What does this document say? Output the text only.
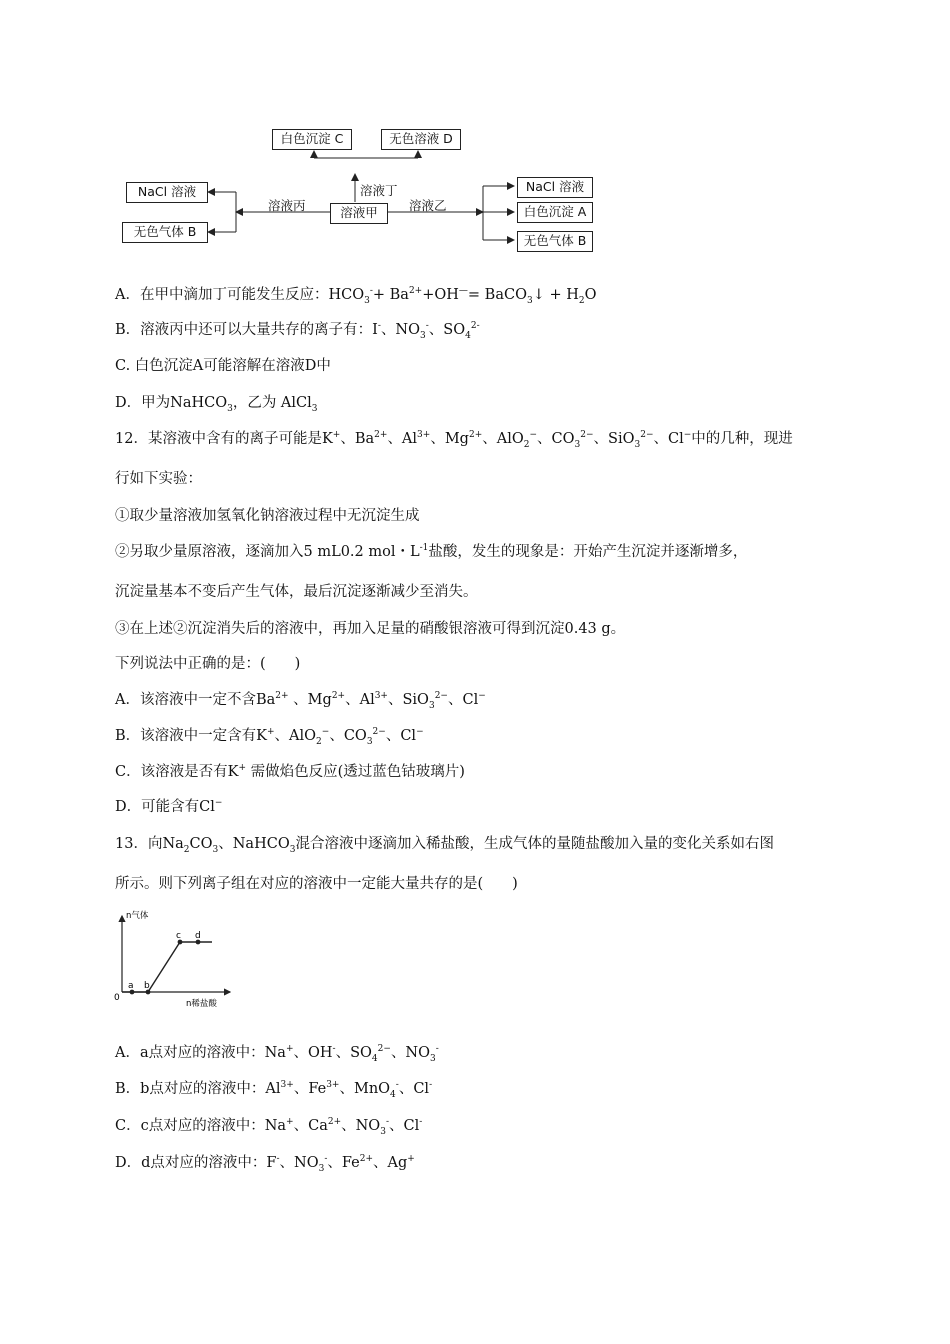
白色沉淀 C	无色溶液 D
NaCl 溶液
无色气体 B
溶液甲
NaCl 溶液
白色沉淀 A
无色气体 B
溶液丙
溶液丁
溶液乙
A．在甲中滴加丁可能发生反应：$HCO_3^-+ Ba^{2+}+OH^—=$ BaCO$_3$↓ + $H_2O$
B．溶液丙中还可以大量共存的离子有：I-、$NO_3^-$、$SO_4^{2-}$
C. 白色沉淀A可能溶解在溶液D中
D．甲为NaHCO$_3$，乙为 AlCl$_3$
12．某溶液中含有的离子可能是K+、$Ba^{2+}$、$Al^{3+}$、$Mg^{2+}$、AlO$_2$−、$CO_3^{2-}$、SiO$_3^{2-}$、Cl−中的几种，现进
行如下实验：
①取少量溶液加氢氧化钠溶液过程中无沉淀生成
②另取少量原溶液，逐滴加入5 mL0.2 mol・$L^{-1}$盐酸，发生的现象是：开始产生沉淀并逐渐增多，
沉淀量基本不变后产生气体，最后沉淀逐渐减少至消失。
③在上述②沉淀消失后的溶液中，再加入足量的硝酸银溶液可得到沉淀0.43 g。
下列说法中正确的是：(　　)
A．该溶液中一定不含$Ba^{2+}$ 、$Mg^{2+}$、$Al^{3+}$、SiO$_3^{2-}$、Cl−
B．该溶液中一定含有K+、AlO$_2$−、$CO_3^{2-}$、Cl−
C．该溶液是否有K+ 需做焰色反应(透过蓝色钴玻璃片)
D．可能含有Cl−
13．向$Na_2CO_3$、NaHCO$_3$混合溶液中逐滴加入稀盐酸，生成气体的量随盐酸加入量的变化关系如右图
所示。则下列离子组在对应的溶液中一定能大量共存的是(　　)
a b
c d
0
n气体
n稀盐酸
A．a点对应的溶液中：Na+、OH-、$SO_4^{2-}$、$NO_3^-$
B．b点对应的溶液中：$Al^{3+}$、$Fe^{3+}$、MnO$_4$-、Cl-
C．c点对应的溶液中：Na+、$Ca^{2+}$、$NO_3^-$、Cl-
D．d点对应的溶液中：F-、$NO_3^-$、$Fe^{2+}$、Ag+
